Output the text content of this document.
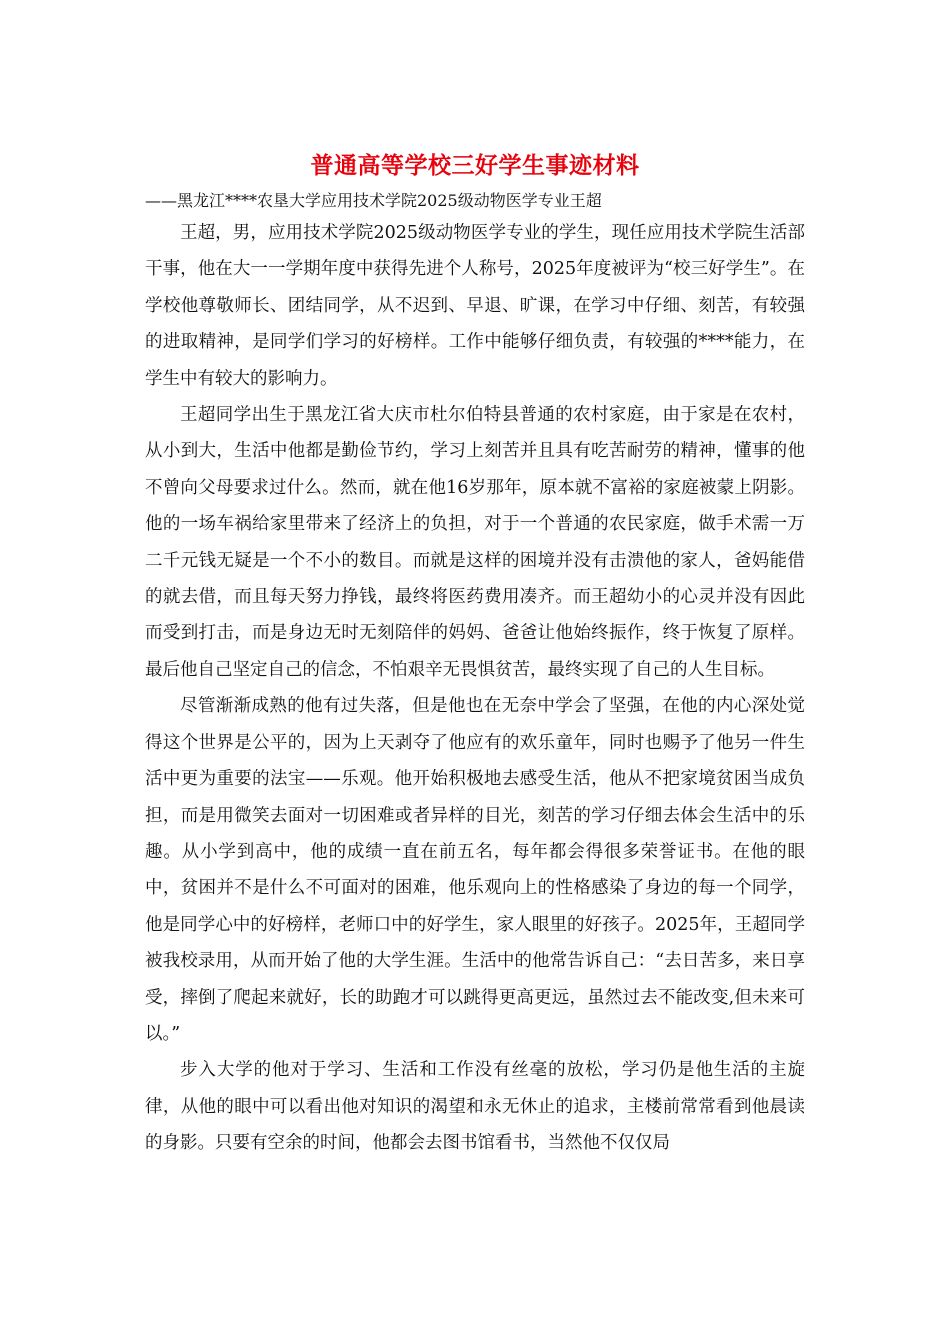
普通高等学校三好学生事迹材料

——黑龙江****农垦大学应用技术学院2025级动物医学专业王超

王超，男，应用技术学院2025级动物医学专业的学生，现任应用技术学院生活部干事，他在大一一学期年度中获得先进个人称号，2025年度被评为“校三好学生”。在学校他尊敬师长、团结同学，从不迟到、早退、旷课，在学习中仔细、刻苦，有较强的进取精神，是同学们学习的好榜样。工作中能够仔细负责，有较强的****能力，在学生中有较大的影响力。

王超同学出生于黑龙江省大庆市杜尔伯特县普通的农村家庭，由于家是在农村，从小到大，生活中他都是勤俭节约，学习上刻苦并且具有吃苦耐劳的精神，懂事的他不曾向父母要求过什么。然而，就在他16岁那年，原本就不富裕的家庭被蒙上阴影。他的一场车祸给家里带来了经济上的负担，对于一个普通的农民家庭，做手术需一万二千元钱无疑是一个不小的数目。而就是这样的困境并没有击溃他的家人，爸妈能借的就去借，而且每天努力挣钱，最终将医药费用凑齐。而王超幼小的心灵并没有因此而受到打击，而是身边无时无刻陪伴的妈妈、爸爸让他始终振作，终于恢复了原样。最后他自己坚定自己的信念，不怕艰辛无畏惧贫苦，最终实现了自己的人生目标。

尽管渐渐成熟的他有过失落，但是他也在无奈中学会了坚强，在他的内心深处觉得这个世界是公平的，因为上天剥夺了他应有的欢乐童年，同时也赐予了他另一件生活中更为重要的法宝——乐观。他开始积极地去感受生活，他从不把家境贫困当成负担，而是用微笑去面对一切困难或者异样的目光，刻苦的学习仔细去体会生活中的乐趣。从小学到高中，他的成绩一直在前五名，每年都会得很多荣誉证书。在他的眼中，贫困并不是什么不可面对的困难，他乐观向上的性格感染了身边的每一个同学，他是同学心中的好榜样，老师口中的好学生，家人眼里的好孩子。2025年，王超同学被我校录用，从而开始了他的大学生涯。生活中的他常告诉自己：“去日苦多，来日享受，摔倒了爬起来就好，长的助跑才可以跳得更高更远，虽然过去不能改变,但未来可以。”

步入大学的他对于学习、生活和工作没有丝毫的放松，学习仍是他生活的主旋律，从他的眼中可以看出他对知识的渴望和永无休止的追求，主楼前常常看到他晨读的身影。只要有空余的时间，他都会去图书馆看书，当然他不仅仅局
